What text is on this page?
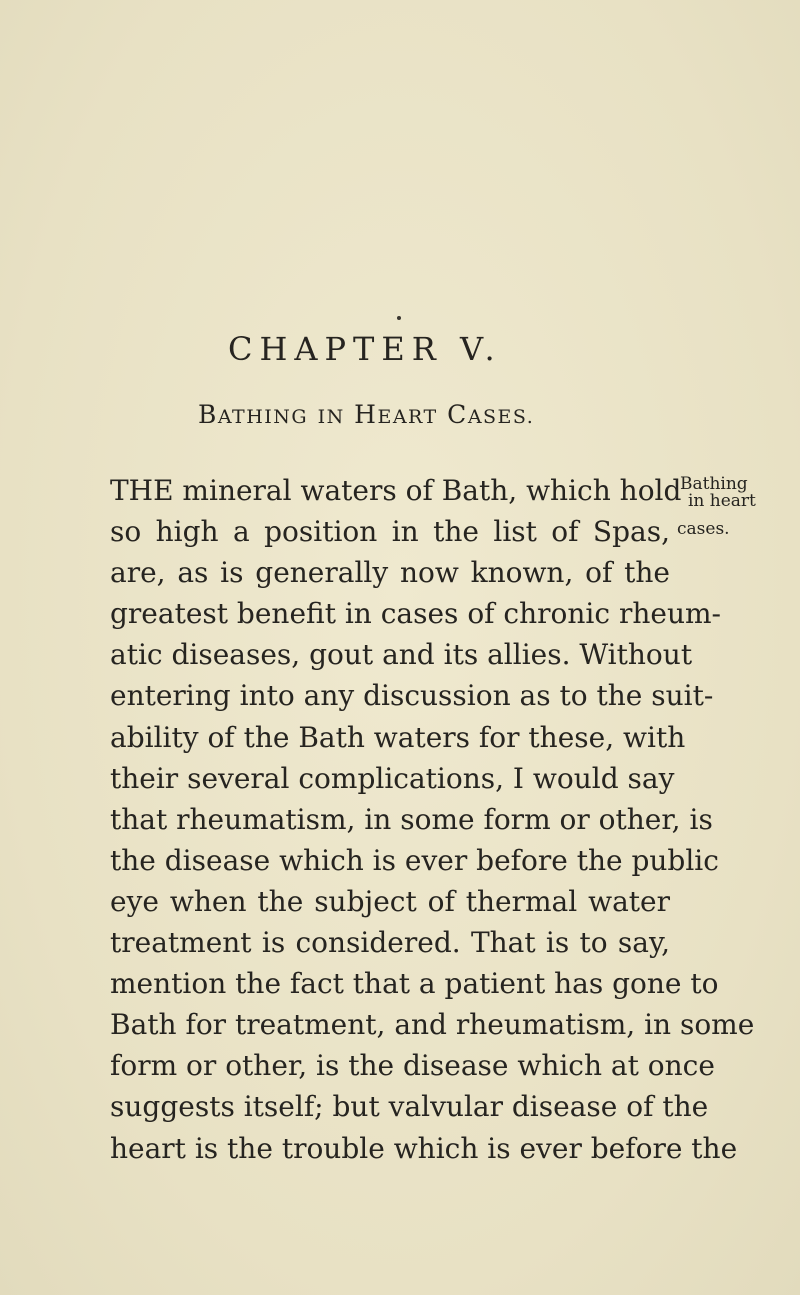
CHAPTER V.
BATHING IN HEART CASES.
THE mineral waters of Bath, which hold
so high a position in the list of Spas,
are, as is generally now known, of the
greatest benefit in cases of chronic rheum-
atic diseases, gout and its allies. Without
entering into any discussion as to the suit-
ability of the Bath waters for these, with
their several complications, I would say
that rheumatism, in some form or other, is
the disease which is ever before the public
eye when the subject of thermal water
treatment is considered. That is to say,
mention the fact that a patient has gone to
Bath for treatment, and rheumatism, in some
form or other, is the disease which at once
suggests itself; but valvular disease of the
heart is the trouble which is ever before the
Bathing
in heart
cases.
